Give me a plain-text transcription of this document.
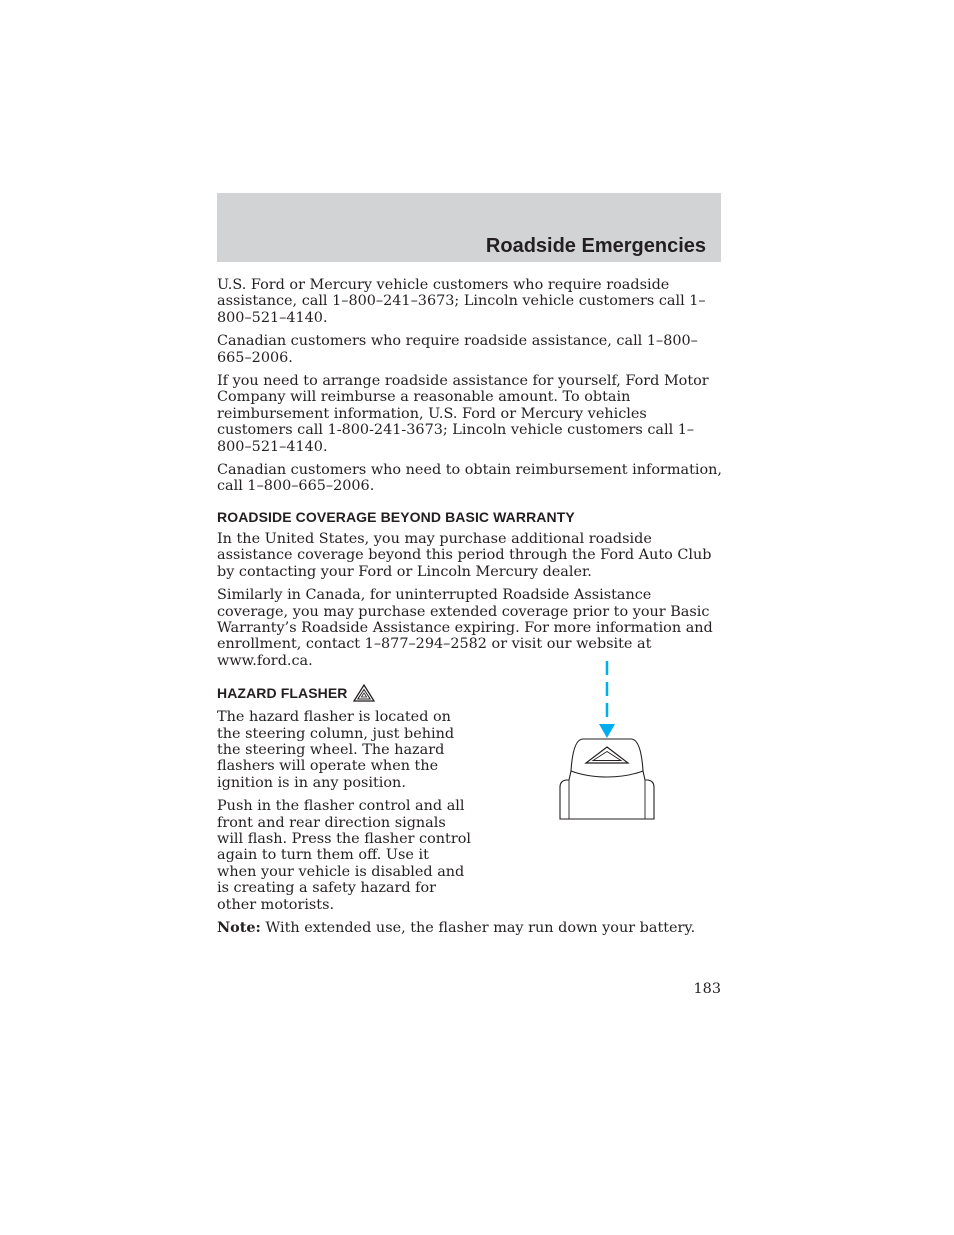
Roadside Emergencies

U.S. Ford or Mercury vehicle customers who require roadside assistance, call 1–800–241–3673; Lincoln vehicle customers call 1–800–521–4140.

Canadian customers who require roadside assistance, call 1–800–665–2006.

If you need to arrange roadside assistance for yourself, Ford Motor Company will reimburse a reasonable amount. To obtain reimbursement information, U.S. Ford or Mercury vehicles customers call 1-800-241-3673; Lincoln vehicle customers call 1–800–521–4140.

Canadian customers who need to obtain reimbursement information, call 1–800–665–2006.

ROADSIDE COVERAGE BEYOND BASIC WARRANTY

In the United States, you may purchase additional roadside assistance coverage beyond this period through the Ford Auto Club by contacting your Ford or Lincoln Mercury dealer.

Similarly in Canada, for uninterrupted Roadside Assistance coverage, you may purchase extended coverage prior to your Basic Warranty’s Roadside Assistance expiring. For more information and enrollment, contact 1–877–294–2582 or visit our website at www.ford.ca.

HAZARD FLASHER

The hazard flasher is located on the steering column, just behind the steering wheel. The hazard flashers will operate when the ignition is in any position.

Push in the flasher control and all front and rear direction signals will flash. Press the flasher control again to turn them off. Use it when your vehicle is disabled and is creating a safety hazard for other motorists.

Note: With extended use, the flasher may run down your battery.

183
